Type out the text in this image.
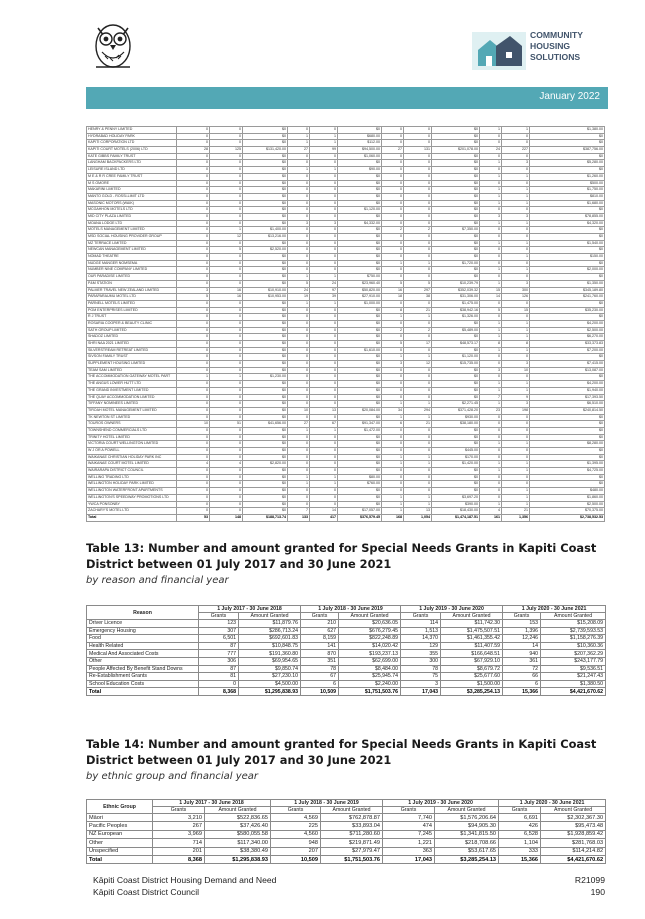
COMMUNITY
HOUSING
SOLUTIONS
January 2022
HENRY & PENNY LIMITED	0	0	$0	0	0	$0	0	0	$0	1	1	$1,380.00
HYDRABAD HOLIDAY PARK	0	0	$0	1	1	$680.00	0	0	$0	0	0	$0
KAPITI CORPORATION LTD	0	0	$0	1	1	$112.00	0	0	$0	0	0	$0
KAPITI COURT MOTELS (2006) LTD	28	125	$131,420.00	27	99	$94,500.00	27	131	$201,078.00	24	227	$387,756.00
KATE GIBBS FAMILY TRUST	0	0	$0	0	0	$1,060.00	0	0	$0	0	0	$0
LANGHAM BACKPACKERS LTD	0	0	$0	0	0	$0	0	0	$0	1	3	$5,280.00
LEISURE ISLAND LTD	0	0	$0	1	1	$90.00	0	0	$0	0	0	$0
M E & R R CREE FAMILY TRUST	0	0	$0	0	0	$0	0	0	$0	1	1	$1,260.00
M S OMORE	0	0	$0	0	0	$0	0	0	$0	0	0	$500.00
MAKARINI LIMITED	0	0	$0	0	0	$0	0	0	$0	1	1	$1,750.00
MANTO GOLD - ROSSI-LIMIT LTD	0	0	$0	0	0	$0	0	0	$0	1	1	$810.00
MASONIC MOTORS (WAIK)	0	0	$0	0	0	$0	0	0	$0	1	1	$1,680.00
MCGAHHON MOTELS LTD	0	0	$0	0	0	$1,120.00	0	0	$0	0	0	$0
MID CITY PLAZA LIMITED	0	0	$0	0	0	$0	0	0	$0	3	3	$78,855.00
MOANA LODGE LTD	0	0	$0	3	3	$4,332.00	0	0	$0	1	1	$4,320.00
MOTELS MANAGEMENT LIMITED	0	1	$1,400.00	0	0	$0	2	2	$7,350.00	0	0	$0
MSD SOCIAL HOUSING PROVIDER GROUP	0	12	$13,216.00	0	0	$0	0	0	$0	0	0	$0
MZ TERRACE LIMITED	0	0	$0	0	0	$0	0	0	$0	1	1	$1,540.00
NEWCAN MANAGEMENT LIMITED	0	5	$2,520.00	0	0	$0	0	0	$0	0	0	$0
NOMAD THEATRE	0	0	$0	0	0	$0	0	0	$0	0	1	$150.00
NUDGE MANGER NOMSEMA	0	0	$0	0	0	$0	1	1	$1,720.00	0	0	$0
NUMBER NINE COMPANY LIMITED	0	0	$0	0	0	$0	0	0	$0	1	1	$2,000.00
OUR PARADISE LIMITED	0	0	$0	1	1	$750.00	0	0	$0	0	0	$0
P&M STATION	0	0	$0	5	24	$23,960.40	5	5	$10,239.79	1	3	$1,350.00
PALMER TRAVEL NEW ZEALAND LIMITED	3	16	$10,910.00	24	97	$50,820.00	16	297	$352,039.32	15	300	$345,189.80
PARAPARAUMU MOTEL LTD	5	16	$10,953.00	19	39	$27,910.00	18	38	$31,306.00	14	126	$241,760.00
PARNELL MOTELS LIMITED	0	0	$0	1	1	$1,000.00	0	0	$1,475.00	0	0	$0
PGM ENTERPRISES LIMITED	0	0	$0	0	0	$0	8	21	$38,942.16	5	15	$35,230.00
R J TRUST	0	0	$0	0	0	$0	1	1	$1,326.00	0	0	$0
ROSARIA COOPER & BEAUTY CLINIC	0	0	$0	0	0	$0	0	0	$0	1	1	$4,200.00
SATH GROUP LIMITED	0	0	$0	0	0	$0	2	2	$5,489.00	1	1	$2,500.00
SHADOZ LIMITED	0	0	$0	0	0	$0	0	0	$0	1	1	$6,270.00
SHRI NAA 2021 LIMITED	0	0	$0	0	0	$0	5	17	$48,573.17	8	8	$33,373.83
SILVERSTREAM RETREAT LIMITED	0	0	$0	0	0	$1,610.00	0	0	$0	1	1	$7,200.00
SIVSON FAMILY TRUST	0	0	$0	0	0	$0	1	1	$1,120.00	0	0	$0
SUPPLEMENT HOUSING LIMITED	0	0	$0	0	0	$0	3	12	$15,735.00	0	3	$7,415.00
TEAM SAM LIMITED	0	0	$0	0	0	$0	0	0	$0	3	10	$13,087.00
THE ACCOMMODATION GATEWAY MOTEL PART	1	1	$1,230.00	0	0	$0	0	0	$0	0	0	$0
THE ANGUS LOWER HUTT LTD	0	0	$0	0	0	$0	0	0	$0	1	1	$4,200.00
THE GRAND INVESTMENT LIMITED	0	0	$0	0	0	$0	0	0	$0	1	1	$1,940.00
THE QUAY ACCOMMODATION LIMITED	0	0	$0	0	0	$0	0	0	$0	7	9	$17,393.50
TIFFANY NOMINEES LIMITED	0	0	$0	0	0	$0	1	1	$2,271.45	1	3	$6,510.00
TIROAH MOTEL MANAGEMENT LIMITED	0	0	$0	10	13	$20,084.00	34	294	$371,428.20	23	198	$240,814.50
TK NEWTON ST LIMITED	0	0	$0	0	0	$0	1	1	$930.00	0	0	$0
TOUROS OWNERS	10	51	$41,656.00	27	67	$91,347.00	6	21	$38,180.00	0	0	$0
TOWNSHEND COMMERCIALS LTD	0	0	$0	1	1	$1,472.00	0	0	$0	0	0	$0
TRINITY HOTEL LIMITED	0	0	$0	0	0	$0	0	0	$0	0	0	$0
VICTORIA COURT WELLINGTON LIMITED	0	0	$0	0	0	$0	0	0	$0	1	1	$8,280.00
W J OR A POWELL	0	0	$0	0	0	$0	0	0	$445.00	0	0	$0
WAIKANAE CHRISTIAN HOLIDAY PARK INC	0	0	$0	0	0	$0	1	1	$170.00	0	0	$0
WAIKANAE COURT MOTEL LIMITED	4	4	$2,820.00	0	0	$0	1	1	$1,420.00	1	1	$1,395.00
WAIRARAPA DISTRICT COUNCIL	0	0	$0	0	0	$0	0	0	$0	1	1	$4,725.00
WELLING TRADING LTD	0	0	$0	1	1	$80.00	0	0	$0	0	0	$0
WELLINGTON HOLIDAY PARK LIMITED	0	0	$0	1	1	$760.00	0	0	$0	0	0	$0
WELLINGTON WATERFRONT APARTMENTS	0	0	$0	0	0	$0	0	0	$0	0	1	$480.00
WELLINGTON'S SPEEDWAY PROMOTIONS LTD	0	0	$0	0	0	$0	1	1	$3,697.20	0	1	$1,860.00
YWCA PONSONBY	0	0	$0	0	0	$0	1	1	$390.00	1	1	$2,500.00
ZACHARY'S MOTEL LTD	0	0	$0	7	14	$17,057.00	1	13	$18,430.00	4	21	$70,375.00
Total	53	148	$188,713.74	133	417	$376,579.45	168	1,054	$1,474,187.51	161	1,356	$2,738,532.53
Table 13: Number and amount granted for Special Needs Grants in Kapiti Coast District between 01 July 2017 and 30 June 2021
by reason and financial year
Reason	1 July 2017 - 30 June 2018		1 July 2018 - 30 June 2019		1 July 2019 - 30 June 2020		1 July 2020 - 30 June 2021	
	Grants	Amount Granted	Grants	Amount Granted	Grants	Amount Granted	Grants	Amount Granted
Driver Licence	123	$11,879.76	210	$20,636.05	114	$11,742.30	153	$15,208.09
Emergency Housing	307	$286,713.24	627	$676,279.45	1,513	$1,475,507.51	1,396	$2,739,593.53
Food	6,501	$692,601.83	8,159	$822,248.89	14,370	$1,461,355.42	12,246	$1,158,276.39
Health Related	87	$10,848.75	141	$14,020.42	129	$11,407.59	14	$10,360.36
Medical And Associated Costs	777	$191,360.80	870	$193,237.13	355	$166,648.51	940	$207,362.29
Other	306	$69,954.65	351	$62,699.00	300	$67,929.10	361	$243,177.79
People Affected By Benefit Stand Downs	87	$9,850.74	78	$8,484.00	78	$8,679.72	72	$9,536.51
Re-Establishment Grants	81	$27,230.10	67	$25,945.74	75	$25,677.60	66	$21,247.43
School Education Costs	0	$4,500.00	6	$2,240.00	3	$1,500.00	6	$1,380.50
Total	8,368	$1,295,838.93	10,509	$1,751,503.76	17,043	$3,285,254.13	15,366	$4,421,670.62
Table 14: Number and amount granted for Special Needs Grants in Kapiti Coast District between 01 July 2017 and 30 June 2021
by ethnic group and financial year
Ethnic Group	1 July 2017 - 30 June 2018		1 July 2018 - 30 June 2019		1 July 2019 - 30 June 2020		1 July 2020 - 30 June 2021	
	Grants	Amount Granted	Grants	Amount Granted	Grants	Amount Granted	Grants	Amount Granted
Māori	3,210	$522,836.65	4,569	$762,878.87	7,740	$1,576,206.64	6,691	$2,302,367.30
Pacific Peoples	267	$37,426.40	225	$33,893.04	474	$94,905.30	426	$95,473.48
NZ European	3,969	$580,055.58	4,560	$711,280.60	7,245	$1,341,815.50	6,528	$1,928,859.42
Other	714	$117,340.00	948	$219,871.49	1,221	$218,708.66	1,104	$281,768.03
Unspecified	201	$38,380.49	207	$27,979.47	363	$53,617.65	333	$114,214.82
Total	8,368	$1,295,838.93	10,509	$1,751,503.76	17,043	$3,285,254.13	15,366	$4,421,670.62
Kāpiti Coast District Housing Demand and Need
Kāpiti Coast District Council
R21099
190
